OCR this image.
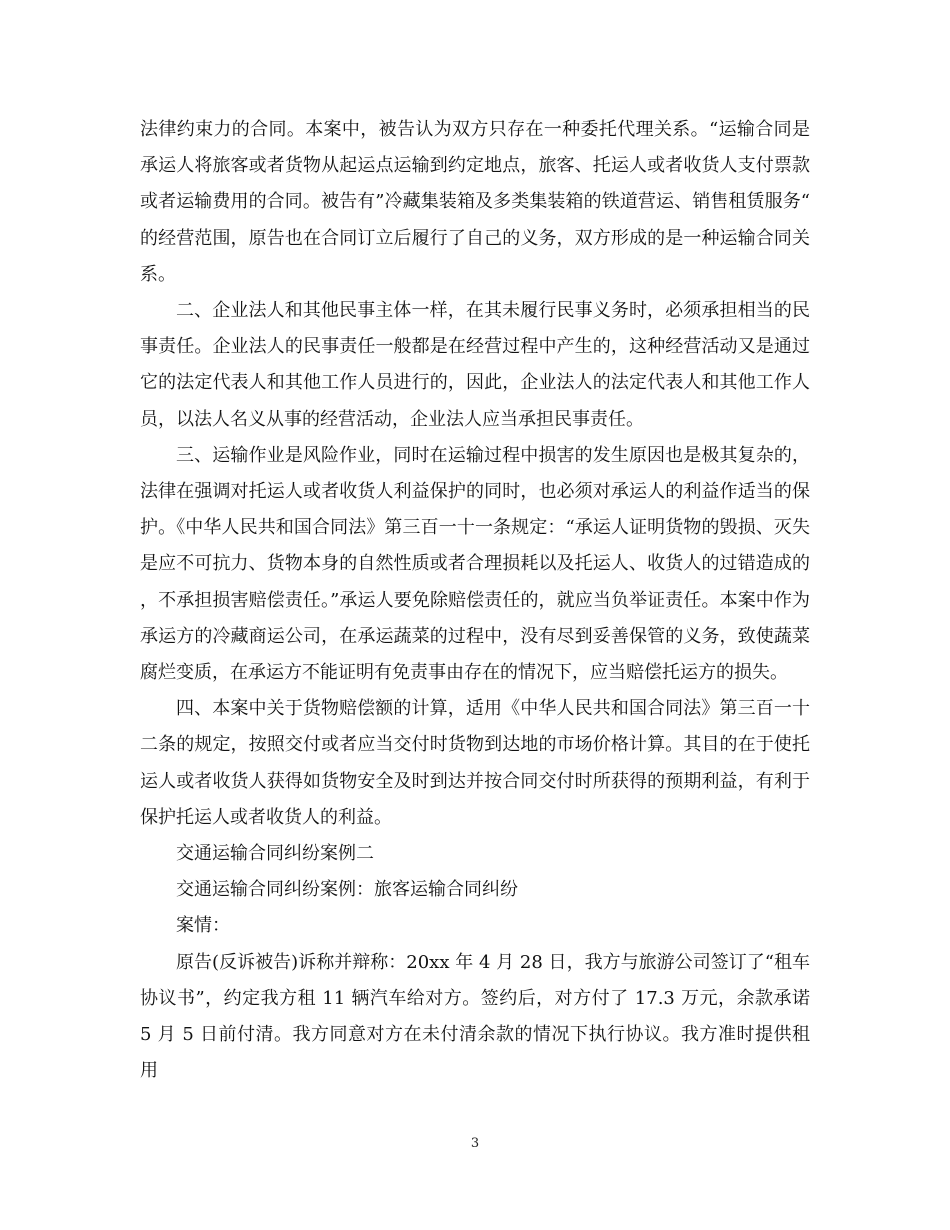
法律约束力的合同。本案中，被告认为双方只存在一种委托代理关系。“运输合同是承运人将旅客或者货物从起运点运输到约定地点，旅客、托运人或者收货人支付票款或者运输费用的合同。被告有”冷藏集装箱及多类集装箱的铁道营运、销售租赁服务“的经营范围，原告也在合同订立后履行了自己的义务，双方形成的是一种运输合同关系。

二、企业法人和其他民事主体一样，在其未履行民事义务时，必须承担相当的民事责任。企业法人的民事责任一般都是在经营过程中产生的，这种经营活动又是通过它的法定代表人和其他工作人员进行的，因此，企业法人的法定代表人和其他工作人员，以法人名义从事的经营活动，企业法人应当承担民事责任。

三、运输作业是风险作业，同时在运输过程中损害的发生原因也是极其复杂的，法律在强调对托运人或者收货人利益保护的同时，也必须对承运人的利益作适当的保护。《中华人民共和国合同法》第三百一十一条规定：“承运人证明货物的毁损、灭失是应不可抗力、货物本身的自然性质或者合理损耗以及托运人、收货人的过错造成的，不承担损害赔偿责任。”承运人要免除赔偿责任的，就应当负举证责任。本案中作为承运方的冷藏商运公司，在承运蔬菜的过程中，没有尽到妥善保管的义务，致使蔬菜腐烂变质，在承运方不能证明有免责事由存在的情况下，应当赔偿托运方的损失。

四、本案中关于货物赔偿额的计算，适用《中华人民共和国合同法》第三百一十二条的规定，按照交付或者应当交付时货物到达地的市场价格计算。其目的在于使托运人或者收货人获得如货物安全及时到达并按合同交付时所获得的预期利益，有利于保护托运人或者收货人的利益。

交通运输合同纠纷案例二

交通运输合同纠纷案例：旅客运输合同纠纷

案情：

原告(反诉被告)诉称并辩称：20xx 年 4 月 28 日，我方与旅游公司签订了“租车协议书”，约定我方租 11 辆汽车给对方。签约后，对方付了 17.3 万元，余款承诺 5 月 5 日前付清。我方同意对方在未付清余款的情况下执行协议。我方准时提供租用

3
